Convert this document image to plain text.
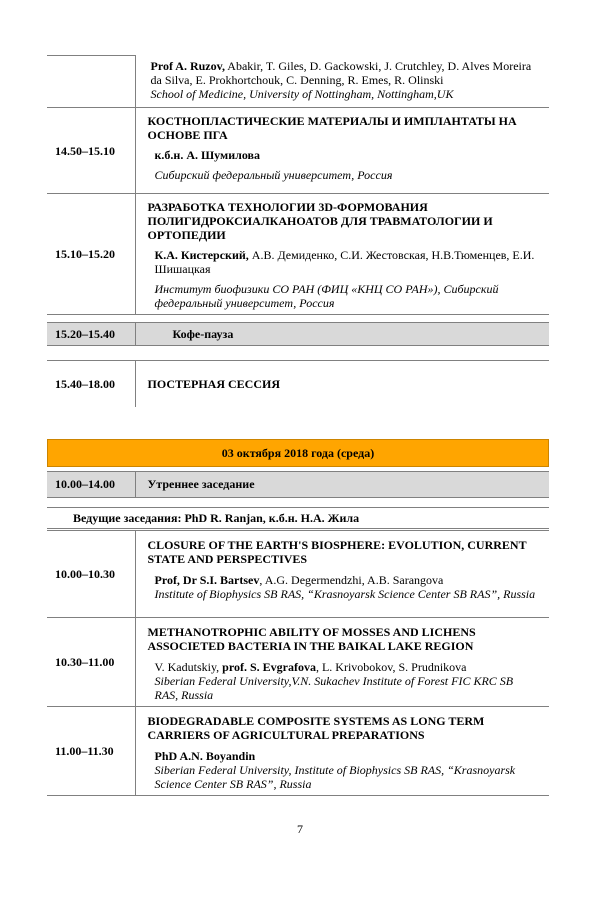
	Prof A. Ruzov, Abakir, T. Giles, D. Gackowski, J. Crutchley, D. Alves Moreira da Silva, E. Prokhortchouk, C. Denning, R. Emes, R. Olinski
School of Medicine, University of Nottingham, Nottingham,UK

14.50–15.10	КОСТНОПЛАСТИЧЕСКИЕ МАТЕРИАЛЫ И ИМПЛАНТАТЫ НА ОСНОВЕ ПГА
к.б.н. А. Шумилова
Сибирский федеральный университет, Россия

15.10–15.20	РАЗРАБОТКА ТЕХНОЛОГИИ 3D-ФОРМОВАНИЯ ПОЛИГИДРОКСИАЛКАНОАТОВ ДЛЯ ТРАВМАТОЛОГИИ И ОРТОПЕДИИ
К.А. Кистерский, А.В. Демиденко, С.И. Жестовская, Н.В.Тюменцев, Е.И. Шишацкая
Институт биофизики СО РАН (ФИЦ «КНЦ СО РАН»), Сибирский федеральный университет, Россия
15.20–15.40	Кофе-пауза
15.40–18.00	ПОСТЕРНАЯ СЕССИЯ
03 октября 2018 года (среда)
10.00–14.00	Утреннее заседание
Ведущие заседания: PhD R. Ranjan, к.б.н. Н.А. Жила
10.00–10.30	CLOSURE OF THE EARTH'S BIOSPHERE: EVOLUTION, CURRENT STATE AND PERSPECTIVES
Prof, Dr S.I. Bartsev, A.G. Degermendzhi, A.B. Sarangova
Institute of Biophysics SB RAS, “Krasnoyarsk Science Center SB RAS”, Russia

10.30–11.00	METHANOTROPHIC ABILITY OF MOSSES AND LICHENS ASSOCIETED BACTERIA IN THE BAIKAL LAKE REGION
V. Kadutskiy, prof. S. Evgrafova, L. Krivobokov, S. Prudnikova
Siberian Federal University,V.N. Sukachev Institute of Forest FIC KRC SB RAS, Russia

11.00–11.30	BIODEGRADABLE COMPOSITE SYSTEMS AS LONG TERM CARRIERS OF AGRICULTURAL PREPARATIONS
PhD A.N. Boyandin
Siberian Federal University, Institute of Biophysics SB RAS, “Krasnoyarsk Science Center SB RAS”, Russia
7
